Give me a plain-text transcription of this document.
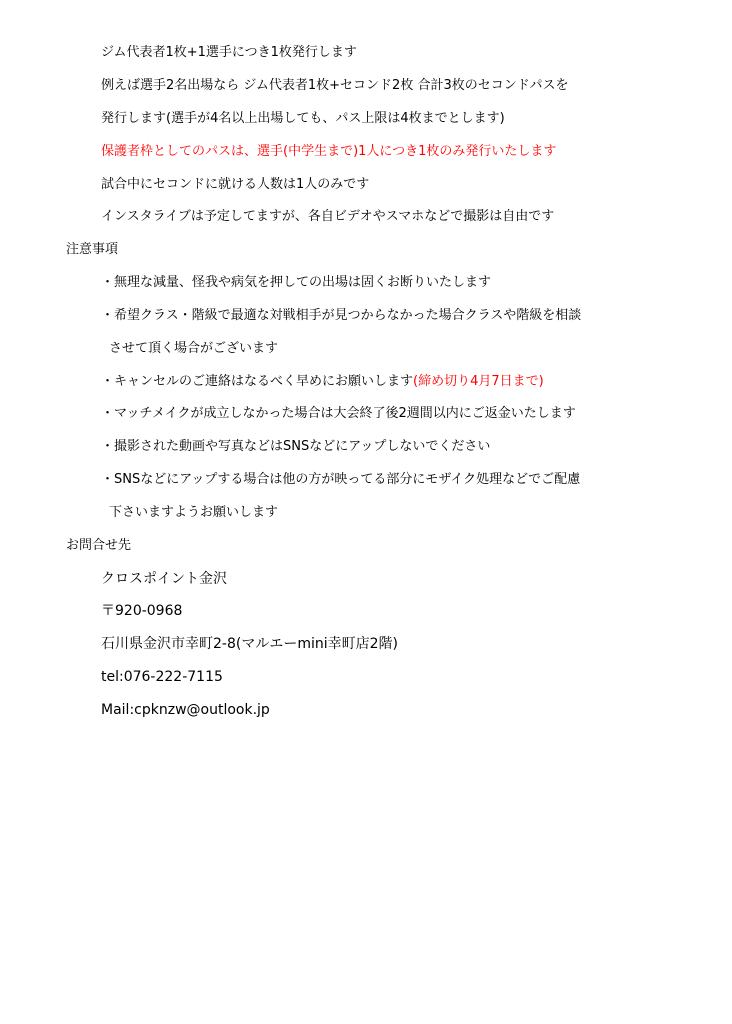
ジム代表者1枚+1選手につき1枚発行します
例えば選手2名出場なら ジム代表者1枚+セコンド2枚 合計3枚のセコンドパスを
発行します(選手が4名以上出場しても、パス上限は4枚までとします)
保護者枠としてのパスは、選手(中学生まで)1人につき1枚のみ発行いたします
試合中にセコンドに就ける人数は1人のみです
インスタライブは予定してますが、各自ビデオやスマホなどで撮影は自由です
注意事項
・無理な減量、怪我や病気を押しての出場は固くお断りいたします
・希望クラス・階級で最適な対戦相手が見つからなかった場合クラスや階級を相談
させて頂く場合がございます
・キャンセルのご連絡はなるべく早めにお願いします(締め切り4月7日まで)
・マッチメイクが成立しなかった場合は大会終了後2週間以内にご返金いたします
・撮影された動画や写真などはSNSなどにアップしないでください
・SNSなどにアップする場合は他の方が映ってる部分にモザイク処理などでご配慮
下さいますようお願いします
お問合せ先
クロスポイント金沢
〒920-0968
石川県金沢市幸町2-8(マルエーmini幸町店2階)
tel:076-222-7115
Mail:cpknzw@outlook.jp
